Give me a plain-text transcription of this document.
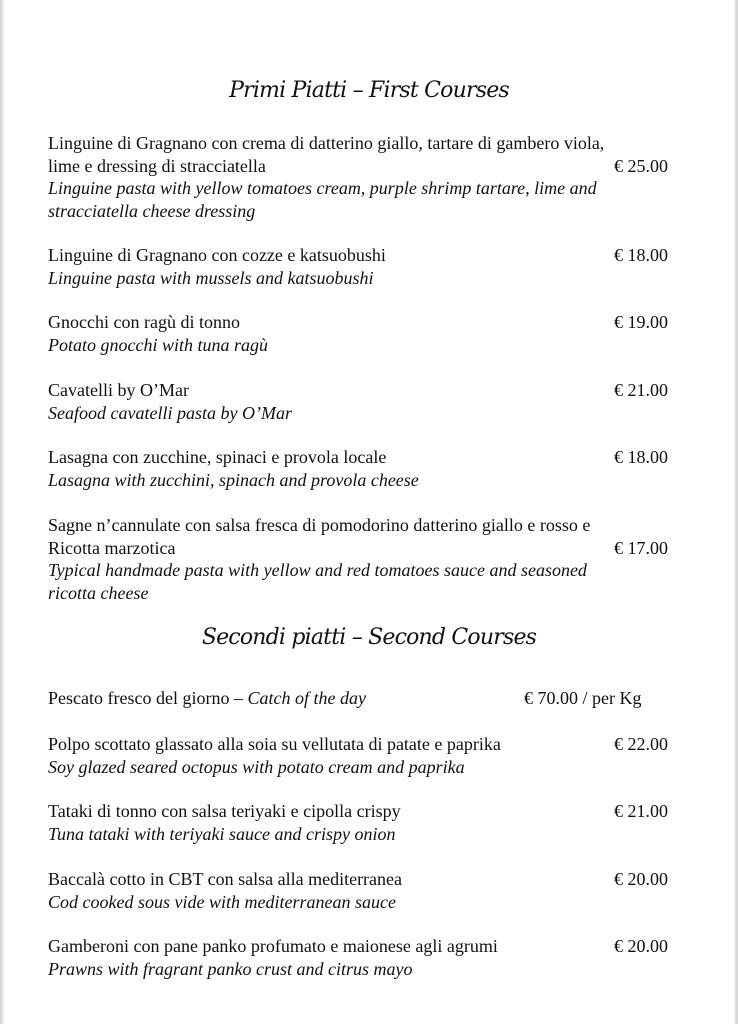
Primi Piatti – First Courses
Linguine di Gragnano con crema di datterino giallo, tartare di gambero viola,
lime e dressing di stracciatella	€ 25.00
Linguine pasta with yellow tomatoes cream, purple shrimp tartare, lime and
stracciatella cheese dressing
Linguine di Gragnano con cozze e katsuobushi	€ 18.00
Linguine pasta with mussels and katsuobushi
Gnocchi con ragù di tonno	€ 19.00
Potato gnocchi with tuna ragù
Cavatelli by O’Mar	€ 21.00
Seafood cavatelli pasta by O’Mar
Lasagna con zucchine, spinaci e provola locale	€ 18.00
Lasagna with zucchini, spinach and provola cheese
Sagne n’cannulate con salsa fresca di pomodorino datterino giallo e rosso e
Ricotta marzotica	€ 17.00
Typical handmade pasta with yellow and red tomatoes sauce and seasoned
ricotta cheese
Secondi piatti – Second Courses
Pescato fresco del giorno – Catch of the day	€ 70.00 / per Kg
Polpo scottato glassato alla soia su vellutata di patate e paprika	€ 22.00
Soy glazed seared octopus with potato cream and paprika
Tataki di tonno con salsa teriyaki e cipolla crispy	€ 21.00
Tuna tataki with teriyaki sauce and crispy onion
Baccalà cotto in CBT con salsa alla mediterranea	€ 20.00
Cod cooked sous vide with mediterranean sauce
Gamberoni con pane panko profumato e maionese agli agrumi	€ 20.00
Prawns with fragrant panko crust and citrus mayo
